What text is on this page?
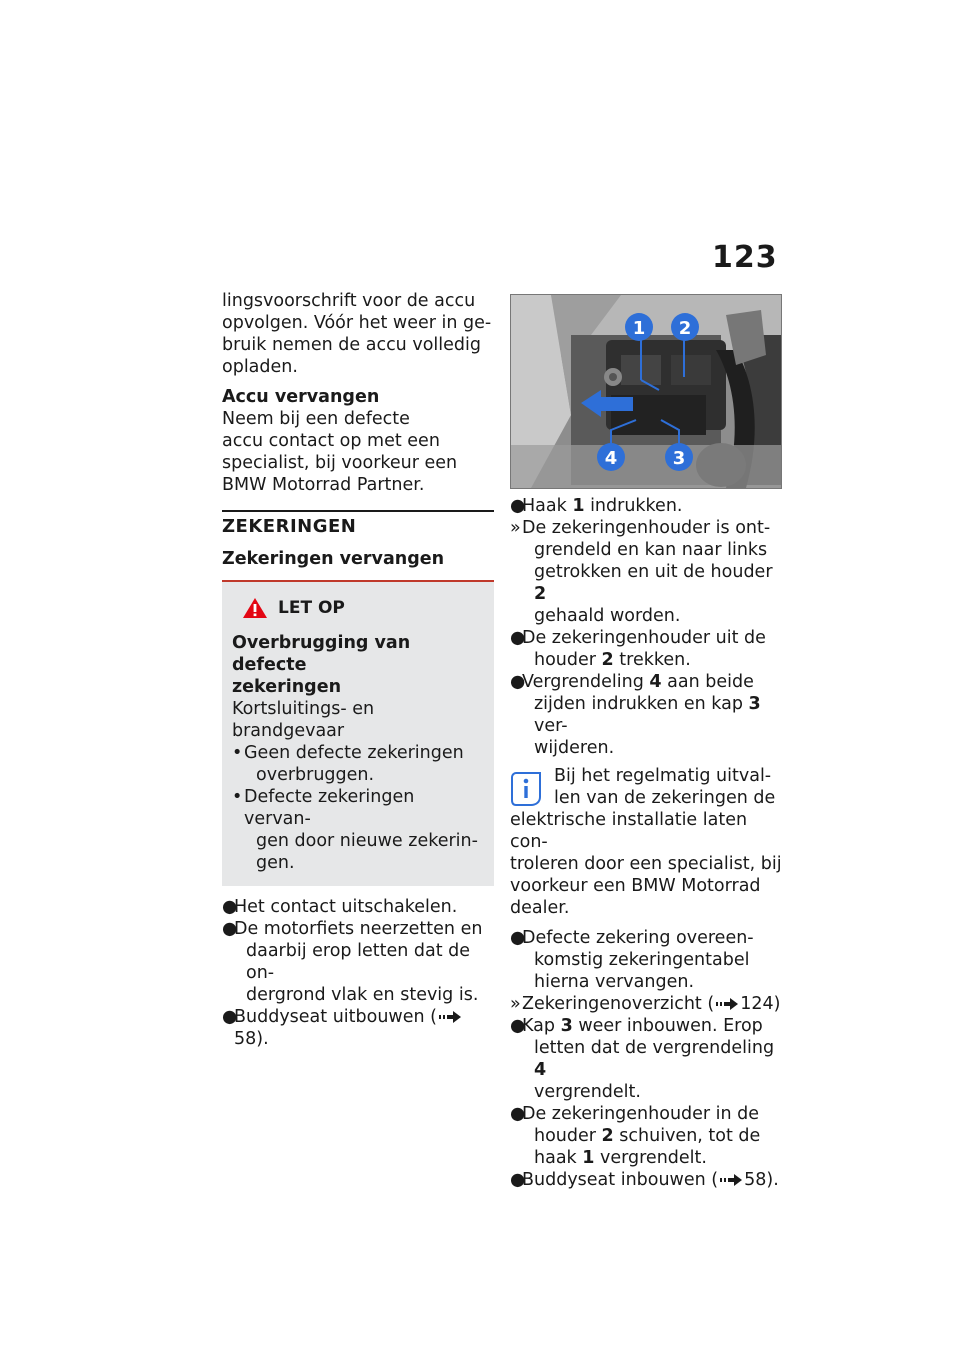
123

lingsvoorschrift voor de accu

opvolgen. Vóór het weer in ge-

bruik nemen de accu volledig

opladen.

Accu vervangen

Neem bij een defecte

accu contact op met een

specialist, bij voorkeur een

BMW Motorrad Partner.

ZEKERINGEN
Zekeringen vervangen
LET OP

Overbrugging van defecte

zekeringen

Kortsluitings- en brandgevaar

• Geen defecte zekeringen

overbruggen.

• Defecte zekeringen vervan-

gen door nieuwe zekerin-

gen.

●

Het contact uitschakelen.

●

De motorfiets neerzetten en

daarbij erop letten dat de on-

dergrond vlak en stevig is.

●

Buddyseat uitbouwen (58).

1 2
3
4
●

Haak 1 indrukken.

» De zekeringenhouder is ont-

grendeld en kan naar links

getrokken en uit de houder 2

gehaald worden.

●

De zekeringenhouder uit de

houder 2 trekken.

●

Vergrendeling 4 aan beide

zijden indrukken en kap 3 ver-

wijderen.

Bij het regelmatig uitval-

len van de zekeringen de

elektrische installatie laten con-

troleren door een specialist, bij

voorkeur een BMW Motorrad

dealer.

●

Defecte zekering overeen-

komstig zekeringentabel

hierna vervangen.

» Zekeringenoverzicht ( 124)

●

Kap 3 weer inbouwen. Erop

letten dat de vergrendeling 4

vergrendelt.

●

De zekeringenhouder in de

houder 2 schuiven, tot de

haak 1 vergrendelt.

●

Buddyseat inbouwen ( 58).
